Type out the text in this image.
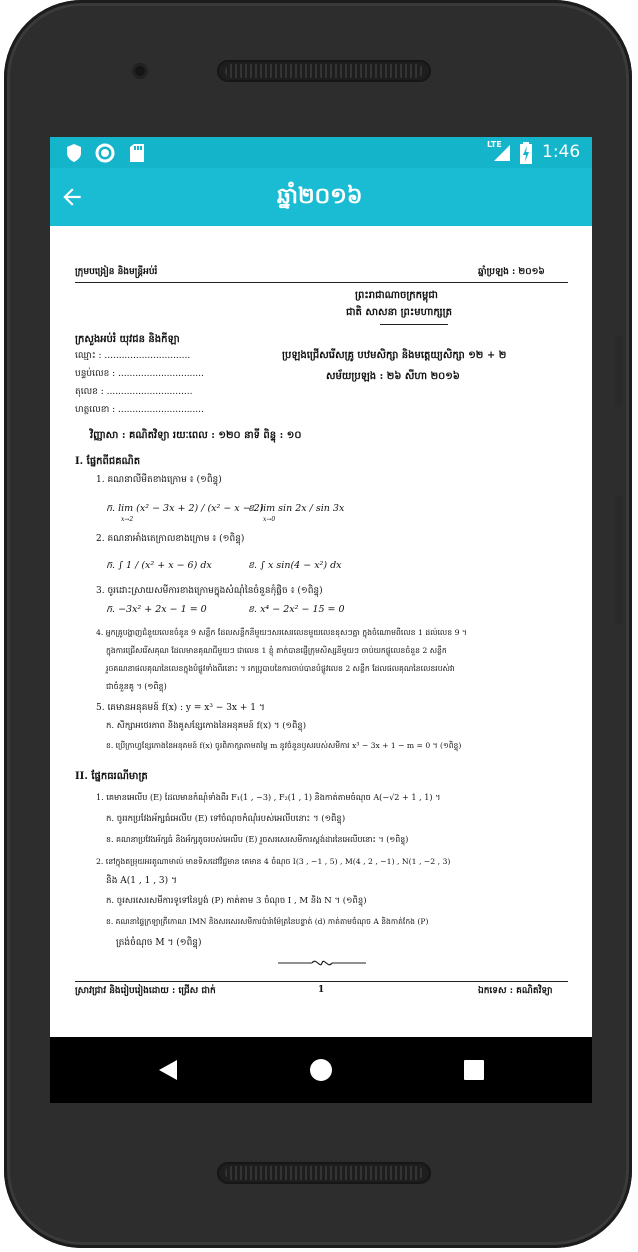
LTE 1:46
ឆ្នាំ២០១៦
ក្រុមបង្រៀន និងមន្ត្រីអប់រំ	ឆ្នាំប្រឡង : ២០១៦
ព្រះរាជាណាចក្រកម្ពុជា
ជាតិ សាសនា ព្រះមហាក្សត្រ
ក្រសួងអប់រំ យុវជន និងកីឡា
ឈ្មោះ : ..............................
បន្ទប់លេខ : ..............................
តុលេខ : ..............................
ហត្ថលេខា : ..............................
ប្រឡងជ្រើសរើសគ្រូ បឋមសិក្សា និងមត្តេយ្យសិក្សា ១២ + ២
សម័យប្រឡង : ២៦ សីហា ២០១៦
វិញ្ញាសា : គណិតវិទ្យា រយៈពេល : ១២០ នាទី ពិន្ទុ : ១០
I. ផ្នែកពីជគណិត
1. គណនាលីមីតខាងក្រោម ៖ (១ពិន្ទុ)
ក. lim (x² − 3x + 2) / (x² − x − 2)
x→2
ខ. lim sin 2x / sin 3x
x→0
2. គណនាអាំងតេក្រាលខាងក្រោម ៖ (១ពិន្ទុ)
ក. ∫ 1 / (x² + x − 6) dx	ខ. ∫ x sin(4 − x²) dx
3. ចូរដោះស្រាយសមីការខាងក្រោមក្នុងសំណុំនៃចំនួនកុំផ្លិច ៖ (១ពិន្ទុ)
ក. −3x² + 2x − 1 = 0	ខ. x⁴ − 2x² − 15 = 0
4. អ្នកគ្រូបង្ហាញជំនួយលេខចំនួន 9 សន្លឹក ដែលសន្លឹកនីមួយៗសរសេរលេខមួយលេខខុសៗគ្នា ក្នុងចំណោមពីលេខ 1 ដល់លេខ 9 ។
ក្នុងការជ្រើសរើសគុណ ដែលមានគុណជីមួយៗ ជាលេខ 1 ខ្ញុំ តាក់បានផ្ញើក្រុមសិស្សនីមួយៗ ចាប់យកផ្លូលេខចំនួន 2 សន្លឹក
រួចគណនាផលគុណនៃលេខក្នុងបំផ្លូវទាំងពីរនោះ ។ រកប្រូបាបនៃការចាប់បានបំផ្លូវលេខ 2 សន្លឹក ដែលផលគុណនៃលេខរបស់វា
ជាចំនួនគូ ។ (១ពិន្ទុ)
5. គេមានអនុគមន៍ f(x) : y = x³ − 3x + 1 ។
ក. សិក្សាអថេរភាព និងគូសខ្សែកោងនៃអនុគមន៍ f(x) ។ (១ពិន្ទុ)
ខ. ប្រើក្រាហ្វខ្សែកោងនៃអនុគមន៍ f(x) ចូរពិភាក្សាតាមតម្លៃ m នូវចំនួនឫសរបស់សមីការ x³ − 3x + 1 − m = 0 ។ (១ពិន្ទុ)
II. ផ្នែកធរណីមាត្រ
1. គេមានអេលីប (E) ដែលមានកំណុំទាំងពីរ F₁(1 , −3) , F₂(1 , 1) និងកាត់តាមចំណុច A(−√2 + 1 , 1) ។
ក. ចូររកប្រវែងអ័ក្សធំអេលីប (E) ទៅចំណុចកំណុំរបស់អេលីបនោះ ។ (១ពិន្ទុ)
ខ. គណនាប្រវែងអ័ក្សធំ និងអ័ក្សតូចរបស់អេលីប (E) រួចសរសេរសមីការស្តង់ដារនៃអេលីបនោះ ។ (១ពិន្ទុ)
2. នៅក្នុងតម្រុយអរតូណាមាល់ មានទិសដៅវិជ្ជមាន គេមាន 4 ចំណុច I(3 , −1 , 5) , M(4 , 2 , −1) , N(1 , −2 , 3)
និង A(1 , 1 , 3) ។
ក. ចូរសរសេរសមីការទូទៅនៃប្លង់ (P) កាត់តាម 3 ចំណុច I , M និង N ។ (១ពិន្ទុ)
ខ. គណនាផ្ទៃក្រឡាត្រីកោណ IMN និងសរសេរសមីការប៉ារ៉ាម៉ែត្រនៃបន្ទាត់ (d) កាត់តាមចំណុច A និងកាត់កែង (P)
ត្រង់ចំណុច M ។ (១ពិន្ទុ)
ស្រាវជ្រាវ និងរៀបរៀងដោយ : ជ្រើស ជាក់	1	ឯកទេស : គណិតវិទ្យា
